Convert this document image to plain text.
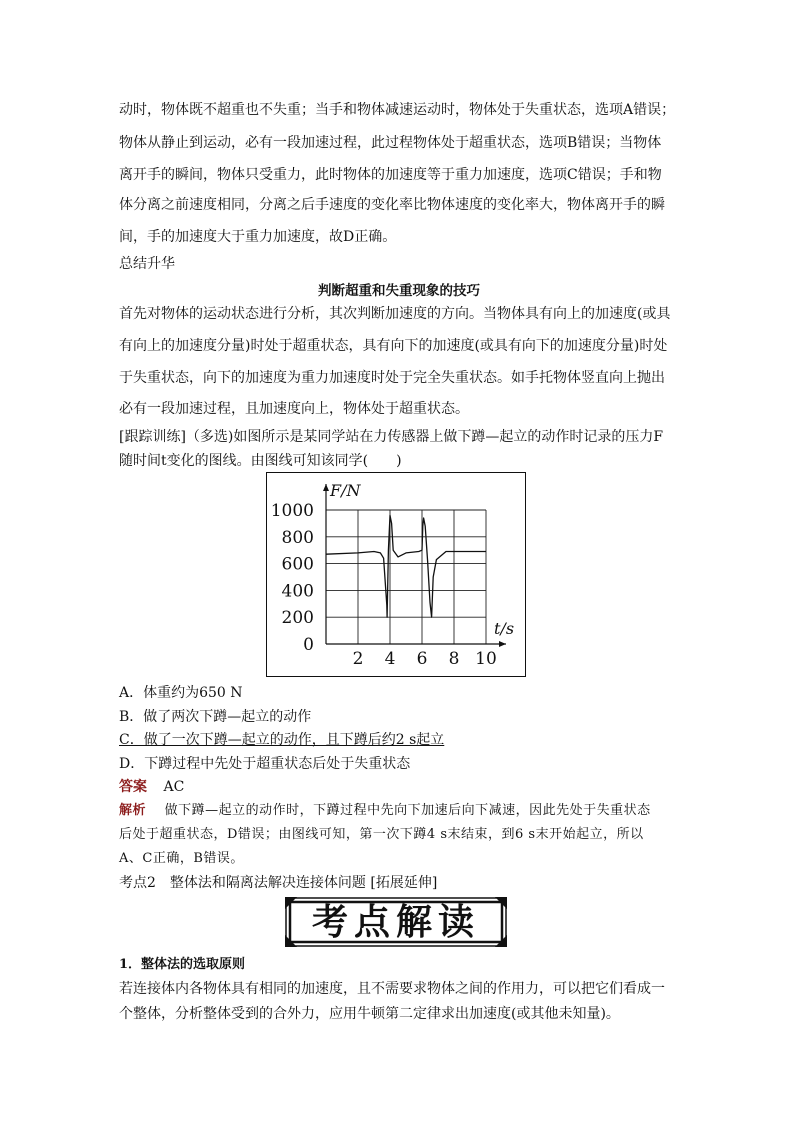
动时，物体既不超重也不失重；当手和物体减速运动时，物体处于失重状态，选项A错误；
物体从静止到运动，必有一段加速过程，此过程物体处于超重状态，选项B错误；当物体
离开手的瞬间，物体只受重力，此时物体的加速度等于重力加速度，选项C错误；手和物
体分离之前速度相同，分离之后手速度的变化率比物体速度的变化率大，物体离开手的瞬
间，手的加速度大于重力加速度，故D正确。
总结升华
判断超重和失重现象的技巧
首先对物体的运动状态进行分析，其次判断加速度的方向。当物体具有向上的加速度(或具
有向上的加速度分量)时处于超重状态，具有向下的加速度(或具有向下的加速度分量)时处
于失重状态，向下的加速度为重力加速度时处于完全失重状态。如手托物体竖直向上抛出
必有一段加速过程，且加速度向上，物体处于超重状态。
[跟踪训练]（多选)如图所示是某同学站在力传感器上做下蹲—起立的动作时记录的压力F
随时间t变化的图线。由图线可知该同学(　　)
0
200
400
600
800
1000
2 4 6 8 10
F/N
t/s
A．体重约为650 N
B．做了两次下蹲—起立的动作
C．做了一次下蹲—起立的动作，且下蹲后约2 s起立
D．下蹲过程中先处于超重状态后处于失重状态
答案 AC
解析 做下蹲—起立的动作时，下蹲过程中先向下加速后向下减速，因此先处于失重状态
后处于超重状态，D错误；由图线可知，第一次下蹲4 s末结束，到6 s末开始起立，所以
A、C正确，B错误。
考点2　整体法和隔离法解决连接体问题 [拓展延伸]
考点解读
1．整体法的选取原则
若连接体内各物体具有相同的加速度，且不需要求物体之间的作用力，可以把它们看成一
个整体，分析整体受到的合外力，应用牛顿第二定律求出加速度(或其他未知量)。
